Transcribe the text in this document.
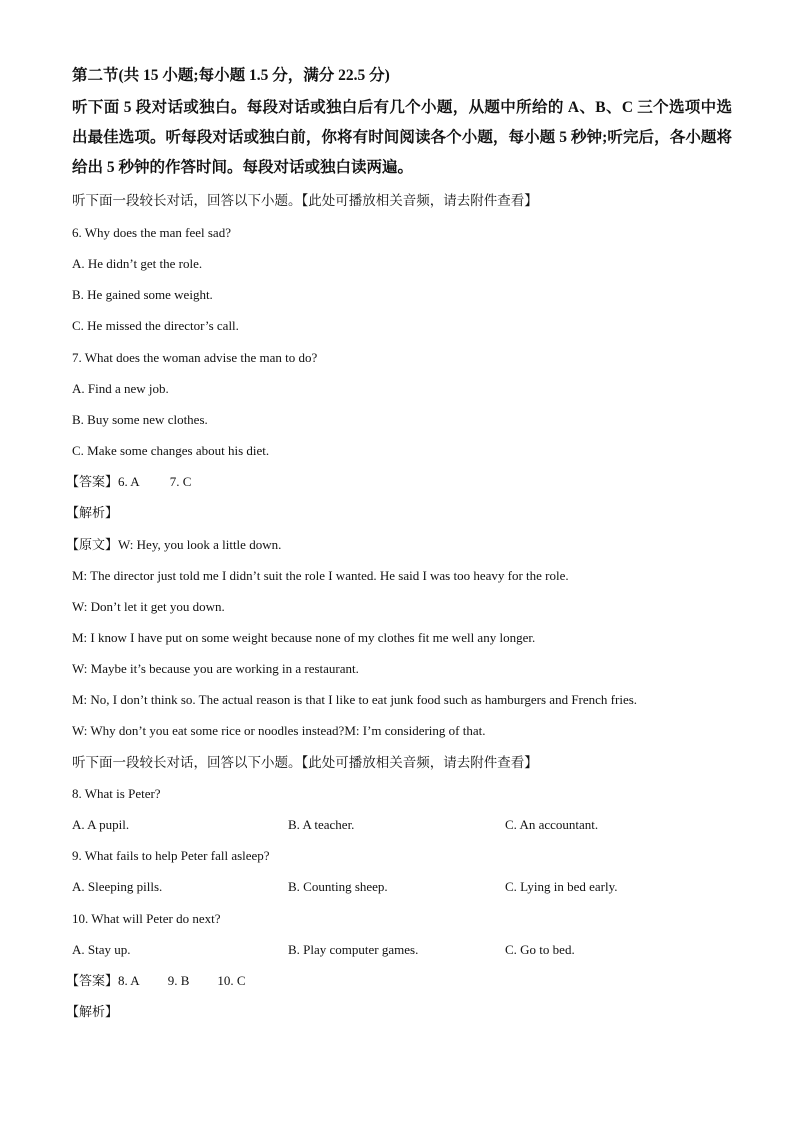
第二节(共 15 小题;每小题 1.5 分，满分 22.5 分)
听下面 5 段对话或独白。每段对话或独白后有几个小题，从题中所给的 A、B、C 三个选项中选 出最佳选项。听每段对话或独白前，你将有时间阅读各个小题，每小题 5 秒钟;听完后，各小题将给出 5 秒钟的作答时间。每段对话或独白读两遍。
听下面一段较长对话，回答以下小题。【此处可播放相关音频，请去附件查看】
6. Why does the man feel sad?
A. He didn’t get the role.
B. He gained some weight.
C. He missed the director’s call.
7. What does the woman advise the man to do?
A. Find a new job.
B. Buy some new clothes.
C. Make some changes about his diet.
【答案】6. A 7. C
【解析】
【原文】W: Hey, you look a little down.
M: The director just told me I didn’t suit the role I wanted. He said I was too heavy for the role.
W: Don’t let it get you down.
M: I know I have put on some weight because none of my clothes fit me well any longer.
W: Maybe it’s because you are working in a restaurant.
M: No, I don’t think so. The actual reason is that I like to eat junk food such as hamburgers and French fries.
W: Why don’t you eat some rice or noodles instead?M: I’m considering of that.
听下面一段较长对话，回答以下小题。【此处可播放相关音频，请去附件查看】
8. What is Peter?
A. A pupil.	B. A teacher.	C. An accountant.
9. What fails to help Peter fall asleep?
A. Sleeping pills.	B. Counting sheep.	C. Lying in bed early.
10. What will Peter do next?
A. Stay up.	B. Play computer games.	C. Go to bed.
【答案】8. A 9. B 10. C
【解析】
